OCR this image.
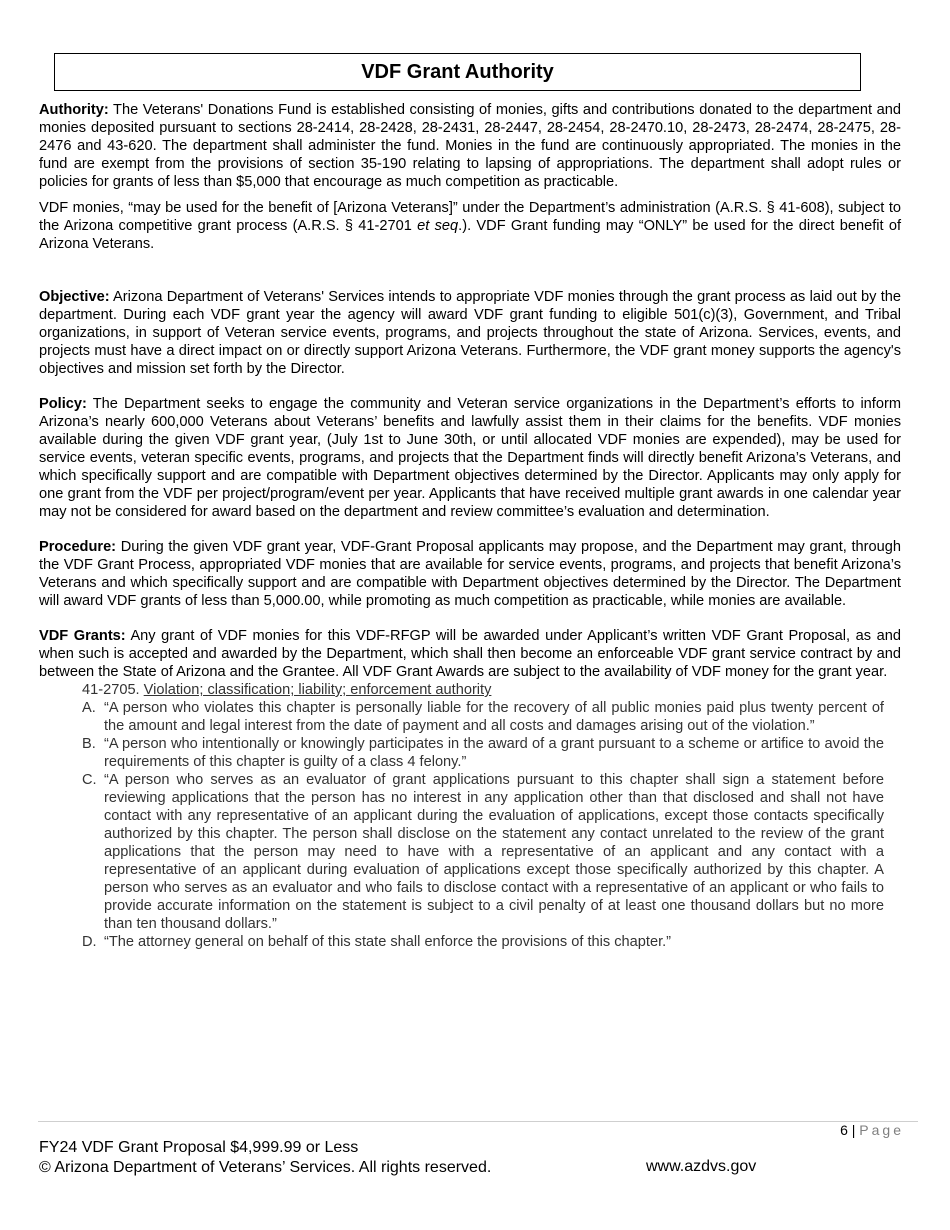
VDF Grant Authority

Authority: The Veterans' Donations Fund is established consisting of monies, gifts and contributions donated to the department and monies deposited pursuant to sections 28-2414, 28-2428, 28-2431, 28-2447, 28-2454, 28-2470.10, 28-2473, 28-2474, 28-2475, 28-2476 and 43-620. The department shall administer the fund. Monies in the fund are continuously appropriated. The monies in the fund are exempt from the provisions of section 35-190 relating to lapsing of appropriations. The department shall adopt rules or policies for grants of less than $5,000 that encourage as much competition as practicable.

VDF monies, “may be used for the benefit of [Arizona Veterans]” under the Department’s administration (A.R.S. § 41-608), subject to the Arizona competitive grant process (A.R.S. § 41-2701 et seq.). VDF Grant funding may “ONLY” be used for the direct benefit of Arizona Veterans.

Objective: Arizona Department of Veterans' Services intends to appropriate VDF monies through the grant process as laid out by the department. During each VDF grant year the agency will award VDF grant funding to eligible 501(c)(3), Government, and Tribal organizations, in support of Veteran service events, programs, and projects throughout the state of Arizona. Services, events, and projects must have a direct impact on or directly support Arizona Veterans. Furthermore, the VDF grant money supports the agency's objectives and mission set forth by the Director.

Policy: The Department seeks to engage the community and Veteran service organizations in the Department’s efforts to inform Arizona’s nearly 600,000 Veterans about Veterans’ benefits and lawfully assist them in their claims for the benefits. VDF monies available during the given VDF grant year, (July 1st to June 30th, or until allocated VDF monies are expended), may be used for service events, veteran specific events, programs, and projects that the Department finds will directly benefit Arizona’s Veterans, and which specifically support and are compatible with Department objectives determined by the Director. Applicants may only apply for one grant from the VDF per project/program/event per year. Applicants that have received multiple grant awards in one calendar year may not be considered for award based on the department and review committee’s evaluation and determination.

Procedure: During the given VDF grant year, VDF-Grant Proposal applicants may propose, and the Department may grant, through the VDF Grant Process, appropriated VDF monies that are available for service events, programs, and projects that benefit Arizona’s Veterans and which specifically support and are compatible with Department objectives determined by the Director. The Department will award VDF grants of less than 5,000.00, while promoting as much competition as practicable, while monies are available.

VDF Grants: Any grant of VDF monies for this VDF-RFGP will be awarded under Applicant’s written VDF Grant Proposal, as and when such is accepted and awarded by the Department, which shall then become an enforceable VDF grant service contract by and between the State of Arizona and the Grantee. All VDF Grant Awards are subject to the availability of VDF money for the grant year.

41-2705. Violation; classification; liability; enforcement authority

A. “A person who violates this chapter is personally liable for the recovery of all public monies paid plus twenty percent of the amount and legal interest from the date of payment and all costs and damages arising out of the violation.”
B. “A person who intentionally or knowingly participates in the award of a grant pursuant to a scheme or artifice to avoid the requirements of this chapter is guilty of a class 4 felony.”
C. “A person who serves as an evaluator of grant applications pursuant to this chapter shall sign a statement before reviewing applications that the person has no interest in any application other than that disclosed and shall not have contact with any representative of an applicant during the evaluation of applications, except those contacts specifically authorized by this chapter. The person shall disclose on the statement any contact unrelated to the review of the grant applications that the person may need to have with a representative of an applicant and any contact with a representative of an applicant during evaluation of applications except those specifically authorized by this chapter. A person who serves as an evaluator and who fails to disclose contact with a representative of an applicant or who fails to provide accurate information on the statement is subject to a civil penalty of at least one thousand dollars but no more than ten thousand dollars.”
D. “The attorney general on behalf of this state shall enforce the provisions of this chapter.”
6 | Page
FY24 VDF Grant Proposal $4,999.99 or Less
© Arizona Department of Veterans’ Services. All rights reserved.	www.azdvs.gov
